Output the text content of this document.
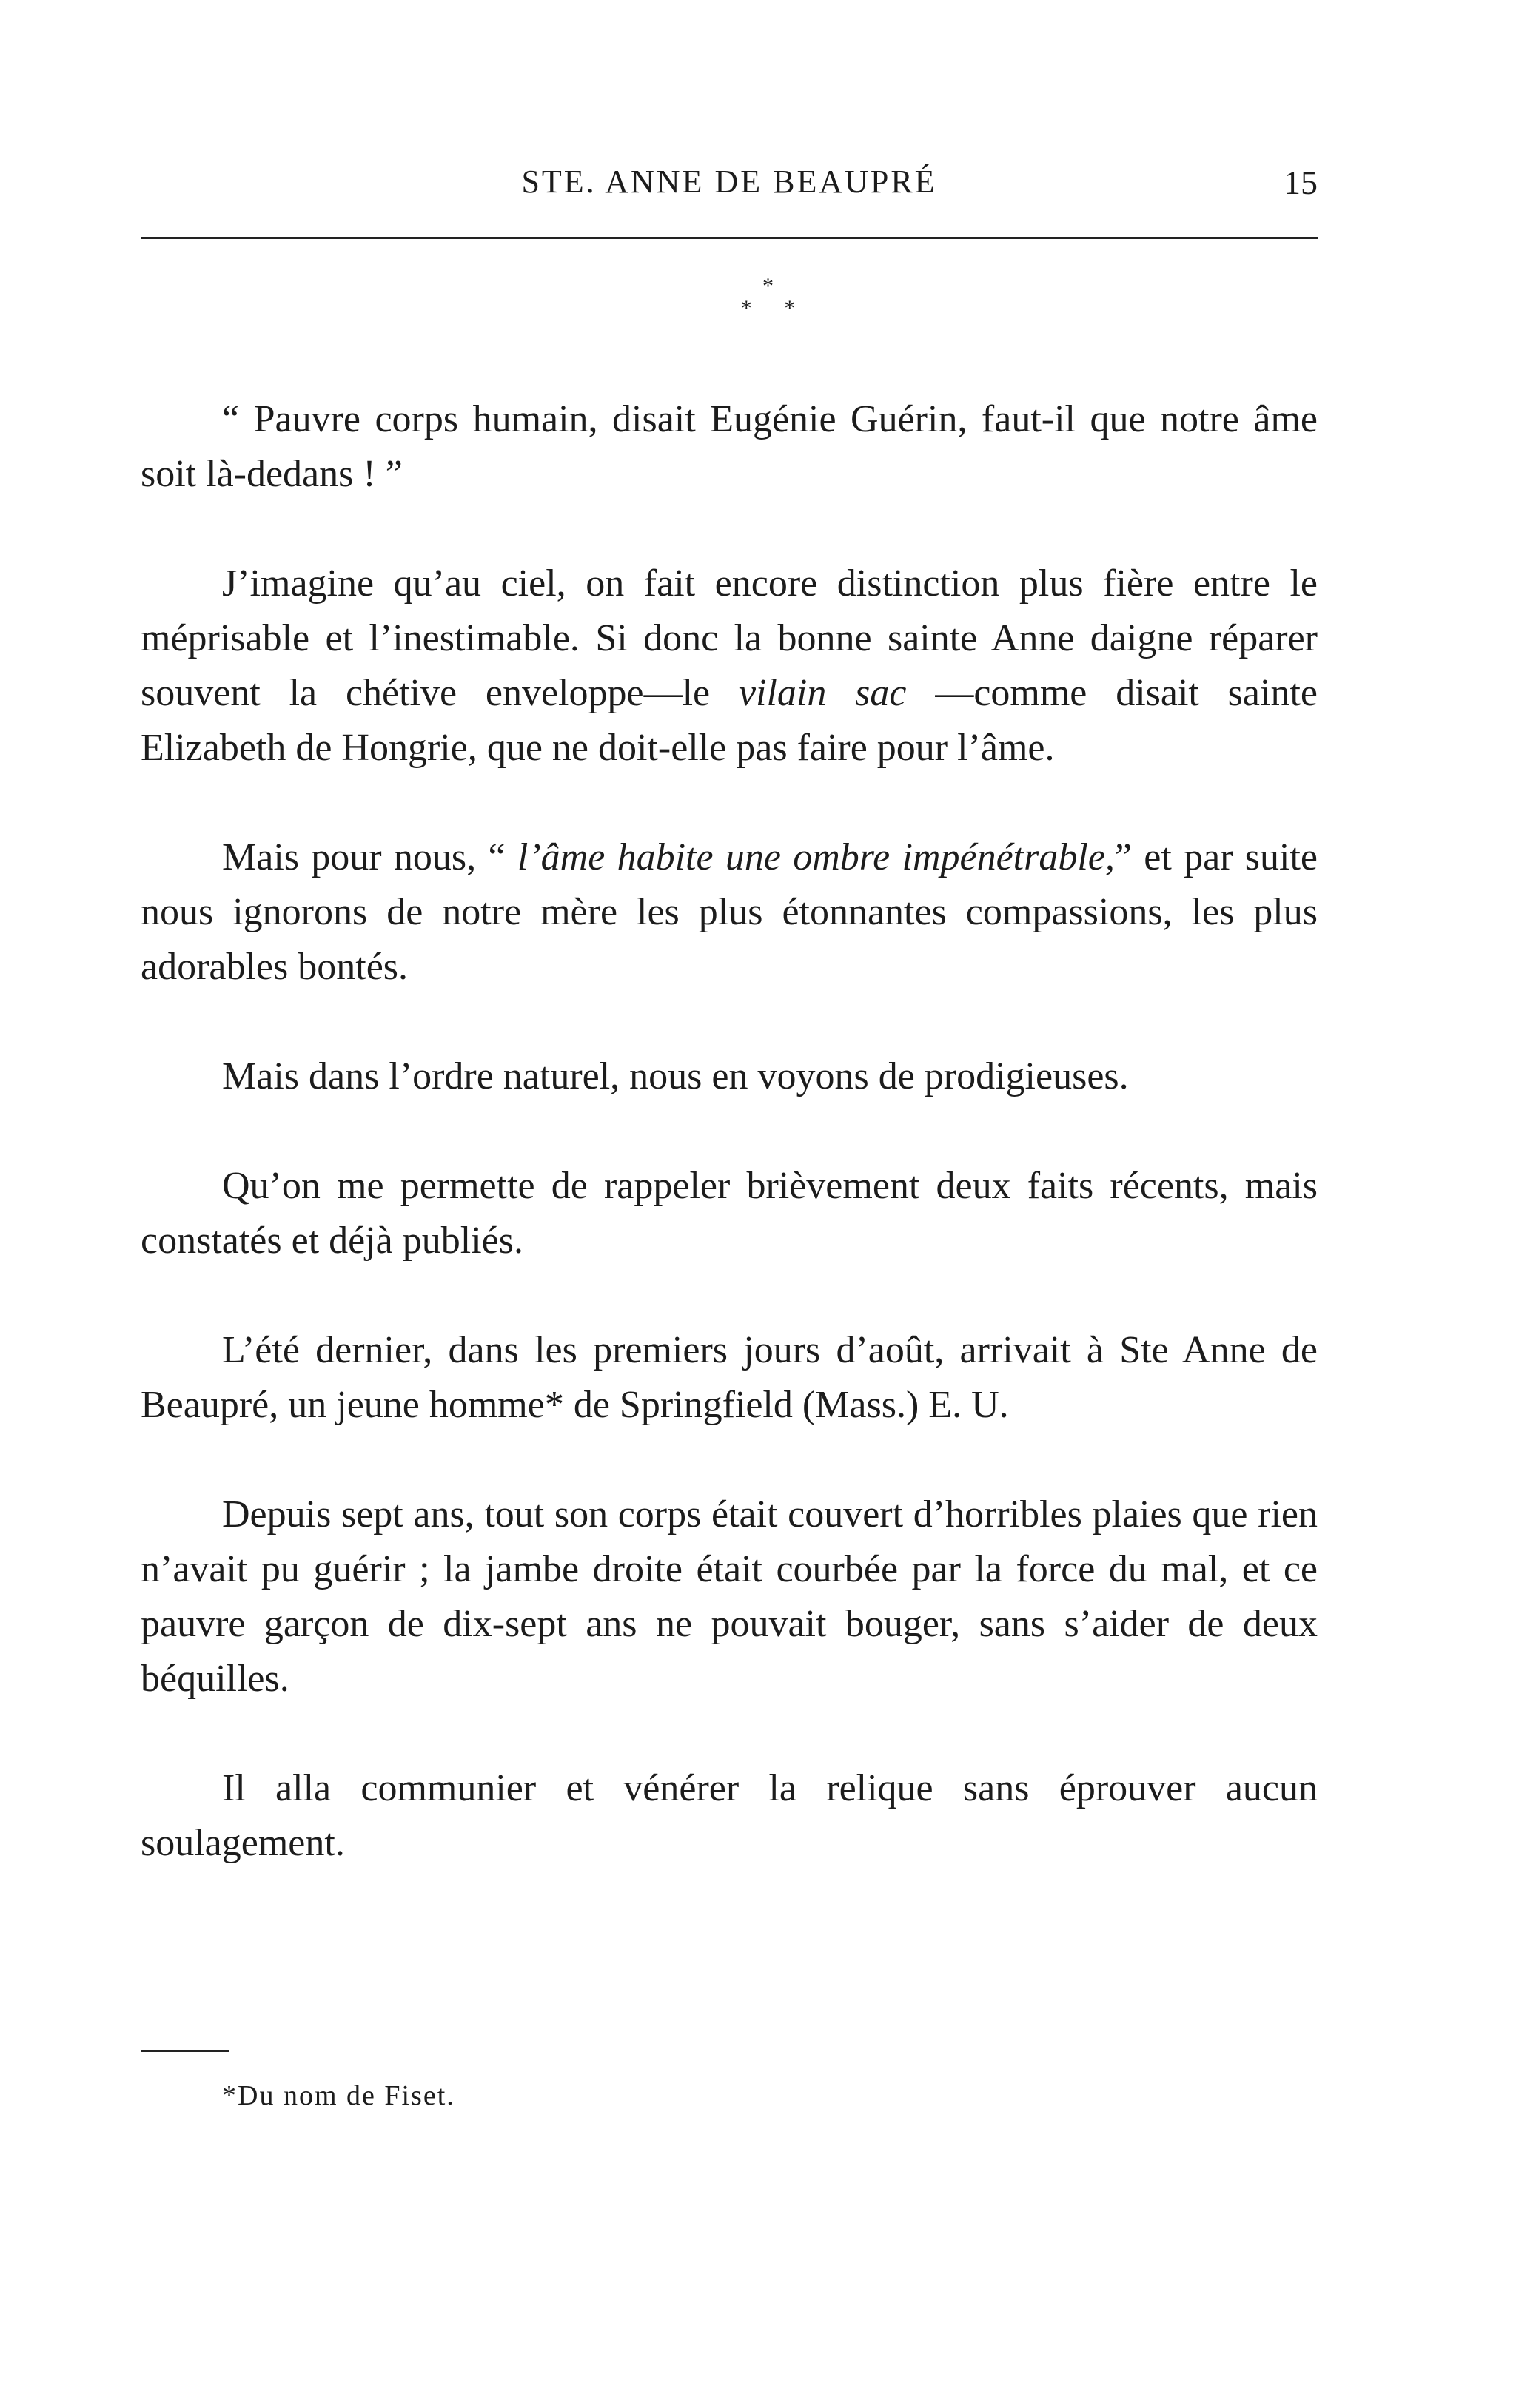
STE. ANNE DE BEAUPRÉ	15
*
* *

“ Pauvre corps humain, disait Eugénie Guérin, faut-il que notre âme soit là-dedans ! ”

J’imagine qu’au ciel, on fait encore distinction plus fière entre le méprisable et l’inestimable. Si donc la bonne sainte Anne daigne réparer souvent la chétive enveloppe—le vilain sac —comme disait sainte Elizabeth de Hongrie, que ne doit-elle pas faire pour l’âme.

Mais pour nous, “ l’âme habite une ombre impénétrable,” et par suite nous ignorons de notre mère les plus étonnantes compassions, les plus adorables bontés.

Mais dans l’ordre naturel, nous en voyons de prodigieuses.

Qu’on me permette de rappeler brièvement deux faits récents, mais constatés et déjà publiés.

L’été dernier, dans les premiers jours d’août, arrivait à Ste Anne de Beaupré, un jeune homme* de Springfield (Mass.) E. U.

Depuis sept ans, tout son corps était couvert d’horribles plaies que rien n’avait pu guérir ; la jambe droite était courbée par la force du mal, et ce pauvre garçon de dix-sept ans ne pouvait bouger, sans s’aider de deux béquilles.

Il alla communier et vénérer la relique sans éprouver aucun soulagement.

*Du nom de Fiset.
